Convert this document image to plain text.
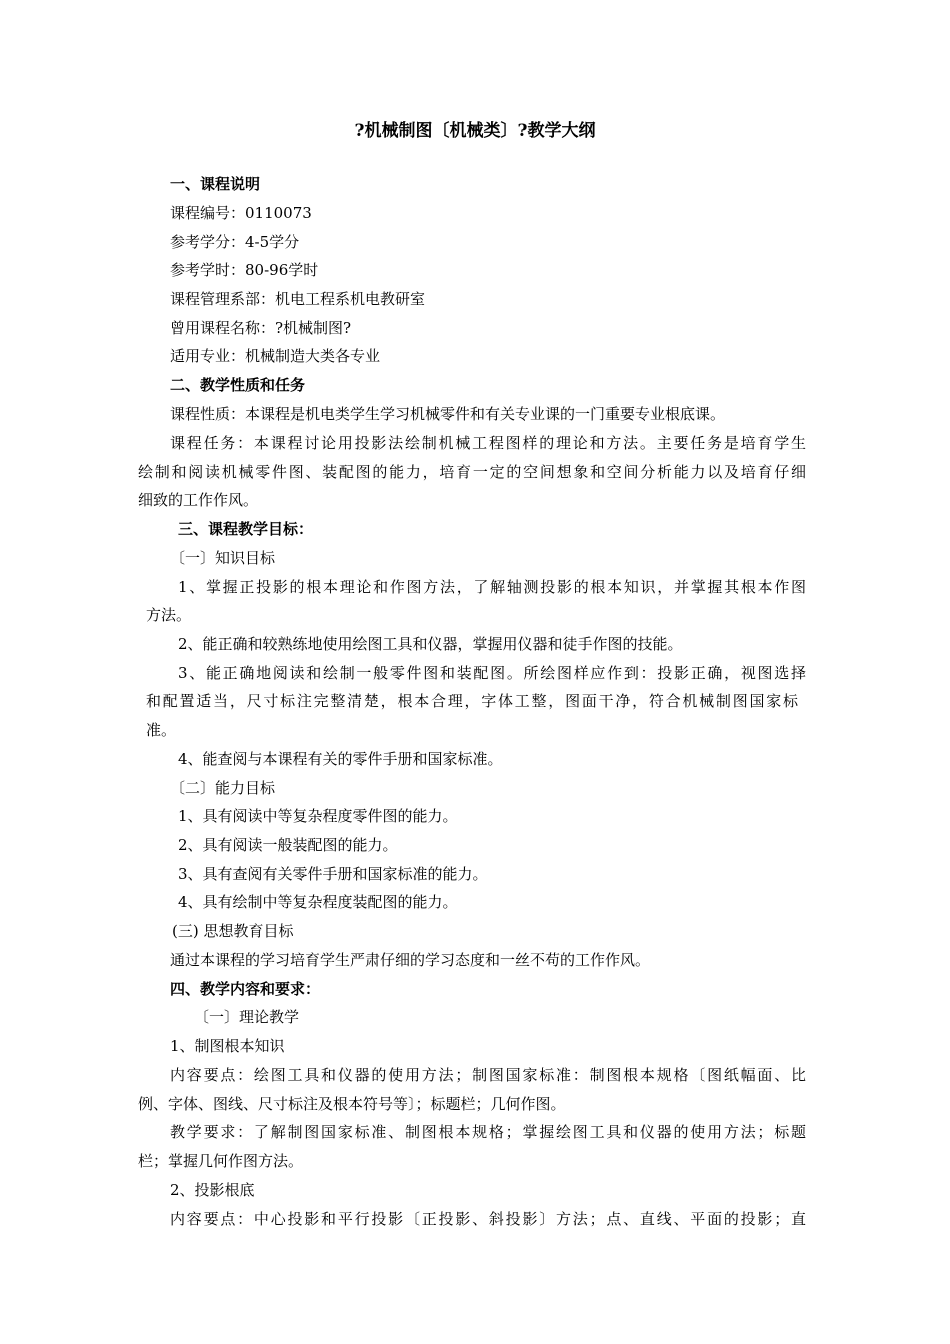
?机械制图〔机械类〕?教学大纲
一、课程说明
课程编号：0110073
参考学分：4-5学分
参考学时：80-96学时
课程管理系部：机电工程系机电教研室
曾用课程名称：?机械制图?
适用专业：机械制造大类各专业
二、教学性质和任务
课程性质：本课程是机电类学生学习机械零件和有关专业课的一门重要专业根底课。
课程任务：本课程讨论用投影法绘制机械工程图样的理论和方法。主要任务是培育学生
绘制和阅读机械零件图、装配图的能力，培育一定的空间想象和空间分析能力以及培育仔细
细致的工作作风。
三、课程教学目标：
〔一〕知识目标
1、掌握正投影的根本理论和作图方法，了解轴测投影的根本知识，并掌握其根本作图
方法。
2、能正确和较熟练地使用绘图工具和仪器，掌握用仪器和徒手作图的技能。
3、能正确地阅读和绘制一般零件图和装配图。所绘图样应作到：投影正确，视图选择
和配置适当，尺寸标注完整清楚，根本合理，字体工整，图面干净，符合机械制图国家标
准。
4、能查阅与本课程有关的零件手册和国家标准。
〔二〕能力目标
1、具有阅读中等复杂程度零件图的能力。
2、具有阅读一般装配图的能力。
3、具有查阅有关零件手册和国家标准的能力。
4、具有绘制中等复杂程度装配图的能力。
(三) 思想教育目标
通过本课程的学习培育学生严肃仔细的学习态度和一丝不苟的工作作风。
四、教学内容和要求：
〔一〕理论教学
1、制图根本知识
内容要点：绘图工具和仪器的使用方法；制图国家标准：制图根本规格〔图纸幅面、比
例、字体、图线、尺寸标注及根本符号等〕；标题栏；几何作图。
教学要求：了解制图国家标准、制图根本规格；掌握绘图工具和仪器的使用方法；标题
栏；掌握几何作图方法。
2、投影根底
内容要点：中心投影和平行投影〔正投影、斜投影〕方法；点、直线、平面的投影；直
